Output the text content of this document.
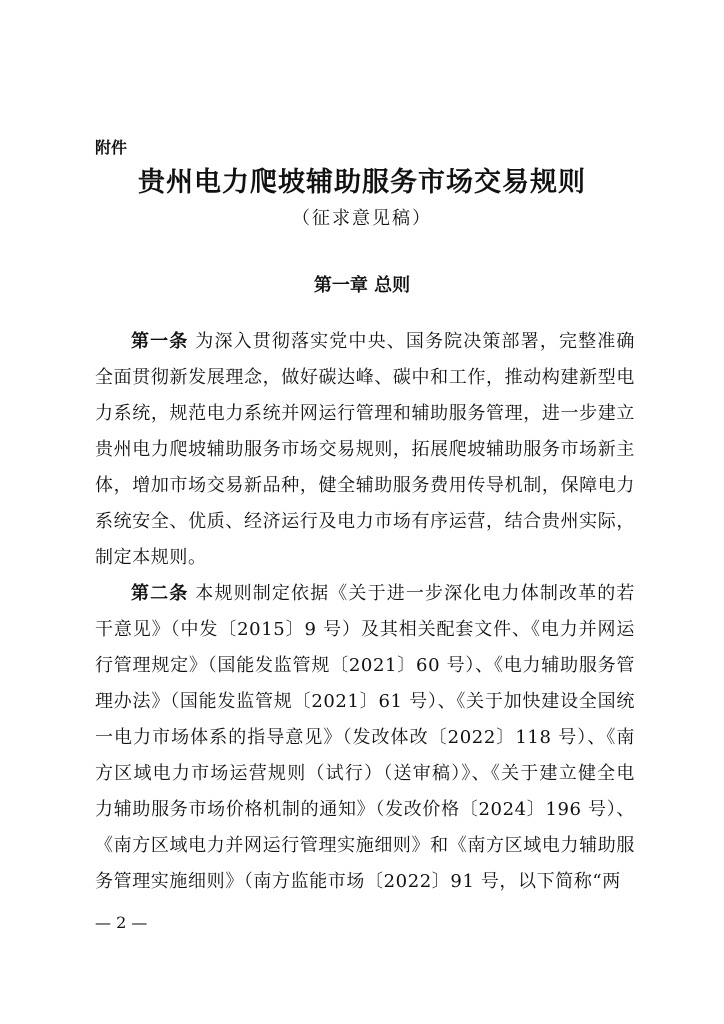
附件
贵州电力爬坡辅助服务市场交易规则
（征求意见稿）
第一章 总则

第一条 为深入贯彻落实党中央、国务院决策部署，完整准确全面贯彻新发展理念，做好碳达峰、碳中和工作，推动构建新型电力系统，规范电力系统并网运行管理和辅助服务管理，进一步建立贵州电力爬坡辅助服务市场交易规则，拓展爬坡辅助服务市场新主体，增加市场交易新品种，健全辅助服务费用传导机制，保障电力系统安全、优质、经济运行及电力市场有序运营，结合贵州实际，制定本规则。

第二条 本规则制定依据《关于进一步深化电力体制改革的若干意见》（中发〔2015〕9 号）及其相关配套文件、《电力并网运行管理规定》（国能发监管规〔2021〕60 号）、《电力辅助服务管理办法》（国能发监管规〔2021〕61 号）、《关于加快建设全国统一电力市场体系的指导意见》（发改体改〔2022〕118 号）、《南方区域电力市场运营规则（试行）（送审稿）》、《关于建立健全电力辅助服务市场价格机制的通知》（发改价格〔2024〕196 号）、《南方区域电力并网运行管理实施细则》和《南方区域电力辅助服务管理实施细则》（南方监能市场〔2022〕91 号，以下简称“两

— 2 —
